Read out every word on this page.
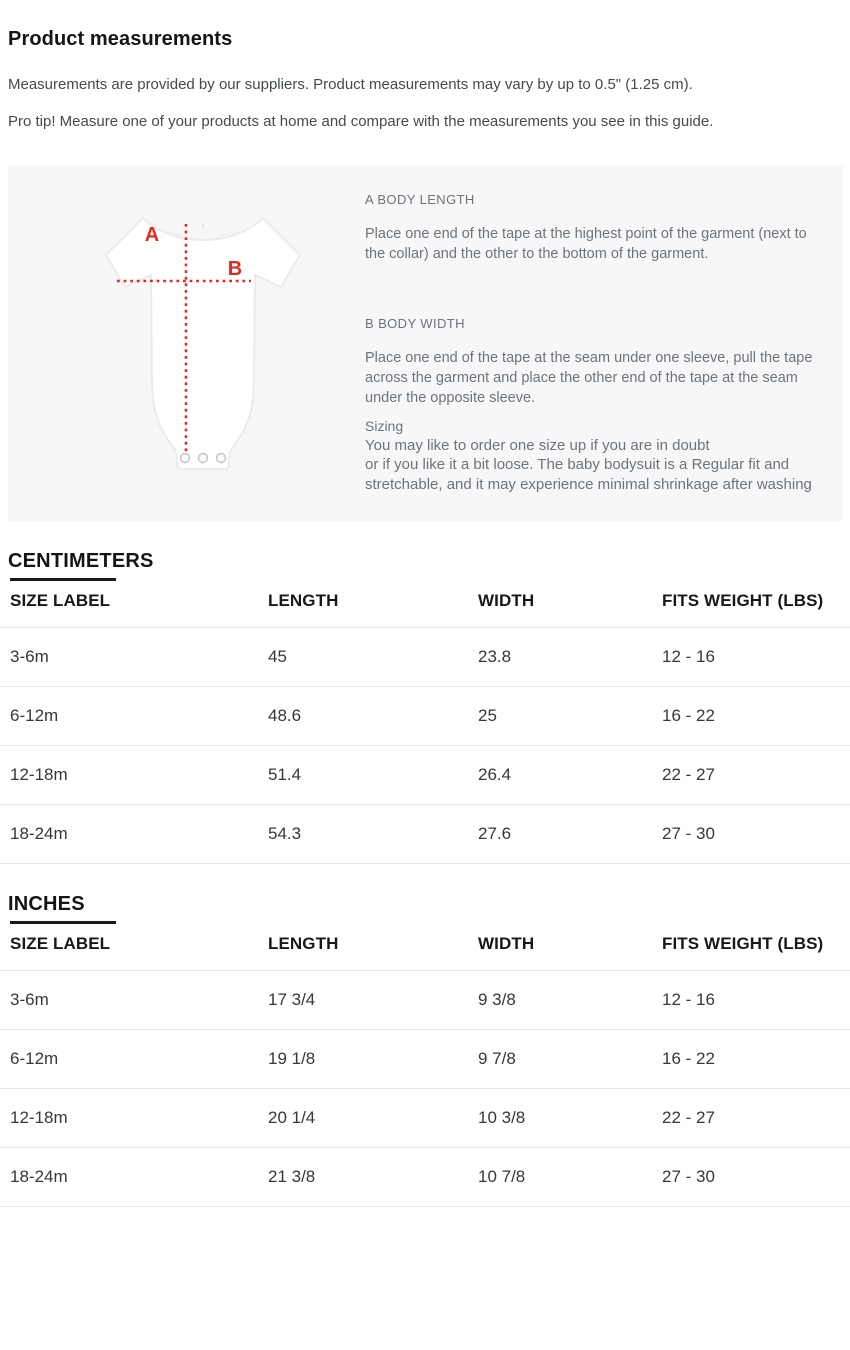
Product measurements

Measurements are provided by our suppliers. Product measurements may vary by up to 0.5" (1.25 cm).

Pro tip! Measure one of your products at home and compare with the measurements you see in this guide.

A
B
A BODY LENGTH
Place one end of the tape at the highest point of the garment (next to the collar) and the other to the bottom of the garment.
B BODY WIDTH
Place one end of the tape at the seam under one sleeve, pull the tape across the garment and place the other end of the tape at the seam under the opposite sleeve.
Sizing
You may like to order one size up if you are in doubt
or if you like it a bit loose. The baby bodysuit is a Regular fit and stretchable, and it may experience minimal shrinkage after washing
CENTIMETERS
SIZE LABEL	LENGTH	WIDTH	FITS WEIGHT (LBS)
3-6m	45	23.8	12 - 16
6-12m	48.6	25	16 - 22
12-18m	51.4	26.4	22 - 27
18-24m	54.3	27.6	27 - 30
INCHES
SIZE LABEL	LENGTH	WIDTH	FITS WEIGHT (LBS)
3-6m	17 3/4	9 3/8	12 - 16
6-12m	19 1/8	9 7/8	16 - 22
12-18m	20 1/4	10 3/8	22 - 27
18-24m	21 3/8	10 7/8	27 - 30
